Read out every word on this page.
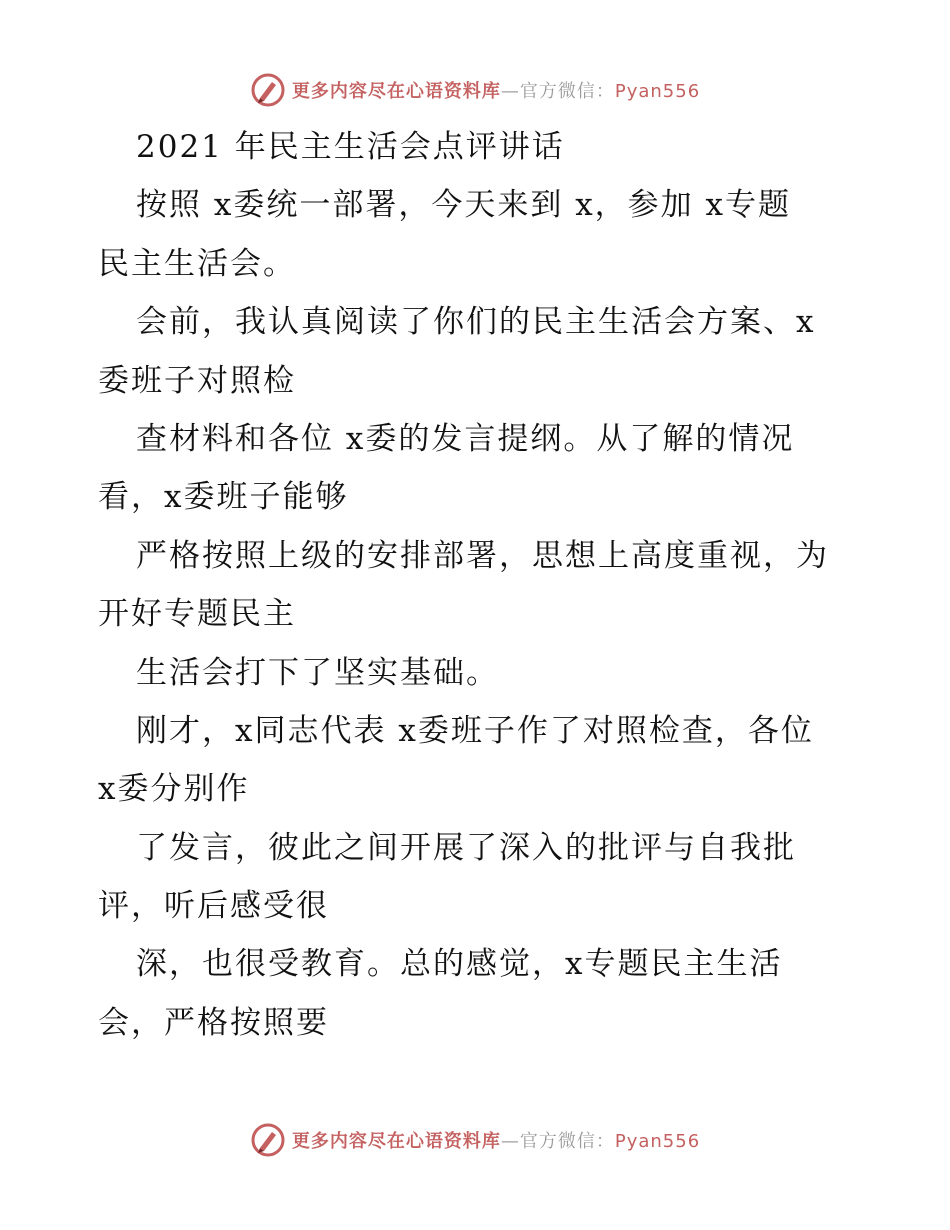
更多内容尽在心语资料库—官方微信：Pyan556
2021 年民主生活会点评讲话
按照 x委统一部署，今天来到 x，参加 x专题
民主生活会。
会前，我认真阅读了你们的民主生活会方案、x
委班子对照检
查材料和各位 x委的发言提纲。从了解的情况
看，x委班子能够
严格按照上级的安排部署，思想上高度重视，为
开好专题民主
生活会打下了坚实基础。
刚才，x同志代表 x委班子作了对照检查，各位
x委分别作
了发言，彼此之间开展了深入的批评与自我批
评，听后感受很
深，也很受教育。总的感觉，x专题民主生活
会，严格按照要
更多内容尽在心语资料库—官方微信：Pyan556
